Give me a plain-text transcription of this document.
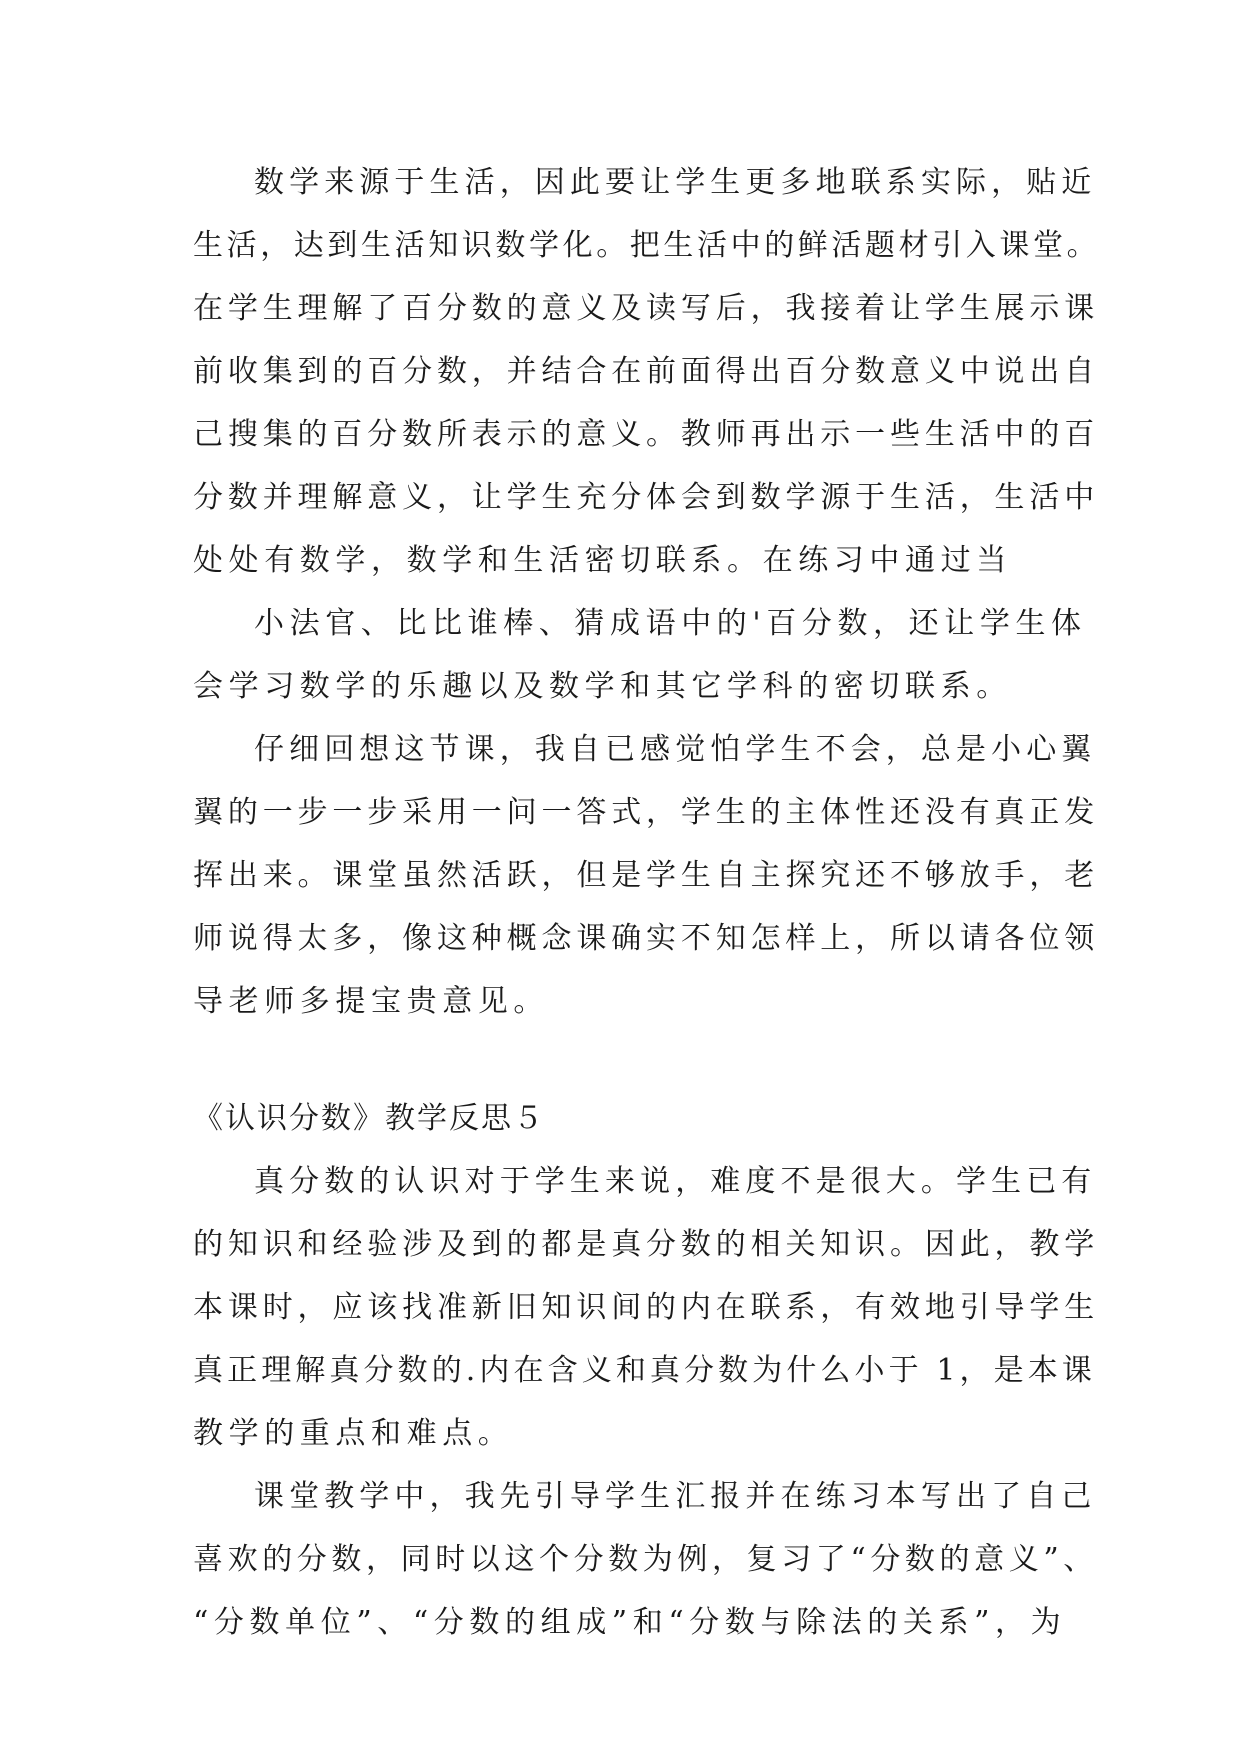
数学来源于生活，因此要让学生更多地联系实际，贴近
生活，达到生活知识数学化。把生活中的鲜活题材引入课堂。
在学生理解了百分数的意义及读写后，我接着让学生展示课
前收集到的百分数，并结合在前面得出百分数意义中说出自
己搜集的百分数所表示的意义。教师再出示一些生活中的百
分数并理解意义，让学生充分体会到数学源于生活，生活中
处处有数学，数学和生活密切联系。在练习中通过当
小法官、比比谁棒、猜成语中的'百分数，还让学生体
会学习数学的乐趣以及数学和其它学科的密切联系。
仔细回想这节课，我自已感觉怕学生不会，总是小心翼
翼的一步一步采用一问一答式，学生的主体性还没有真正发
挥出来。课堂虽然活跃，但是学生自主探究还不够放手，老
师说得太多，像这种概念课确实不知怎样上，所以请各位领
导老师多提宝贵意见。
《认识分数》教学反思５
真分数的认识对于学生来说，难度不是很大。学生已有
的知识和经验涉及到的都是真分数的相关知识。因此，教学
本课时，应该找准新旧知识间的内在联系，有效地引导学生
真正理解真分数的.内在含义和真分数为什么小于 1，是本课
教学的重点和难点。
课堂教学中，我先引导学生汇报并在练习本写出了自己
喜欢的分数，同时以这个分数为例，复习了“分数的意义”、
“分数单位”、“分数的组成”和“分数与除法的关系”，为
